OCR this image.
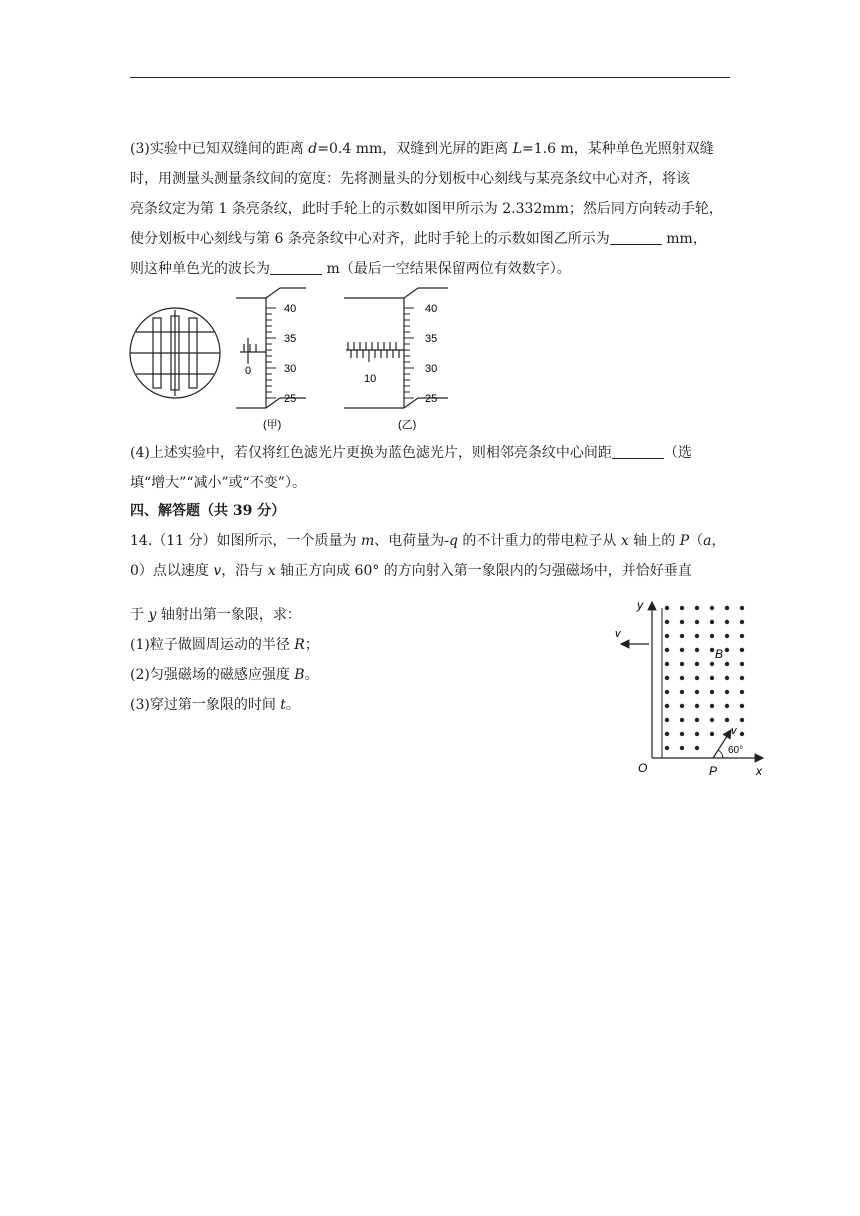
(3)实验中已知双缝间的距离 d=0.4 mm，双缝到光屏的距离 L=1.6 m，某种单色光照射双缝

时，用测量头测量条纹间的宽度：先将测量头的分划板中心刻线与某亮条纹中心对齐，将该

亮条纹定为第 1 条亮条纹，此时手轮上的示数如图甲所示为 2.332mm；然后同方向转动手轮，

使分划板中心刻线与第 6 条亮条纹中心对齐，此时手轮上的示数如图乙所示为	mm，

则这种单色光的波长为	m（最后一空结果保留两位有效数字）。

40
35
30
25
0
(甲)
40
35
30
25
10
(乙)

(4)上述实验中，若仅将红色滤光片更换为蓝色滤光片，则相邻亮条纹中心间距	（选

填“增大”“减小”或“不变”）。

四、解答题（共 39 分）

14.（11 分）如图所示，一个质量为 m、电荷量为-q 的不计重力的带电粒子从 x 轴上的 P（a，

0）点以速度 v，沿与 x 轴正方向成 60° 的方向射入第一象限内的匀强磁场中，并恰好垂直

于 y 轴射出第一象限，求：

(1)粒子做圆周运动的半径 R；

(2)匀强磁场的磁感应强度 B。

(3)穿过第一象限的时间 t。

v
v
60°
B
y
x
O	P
